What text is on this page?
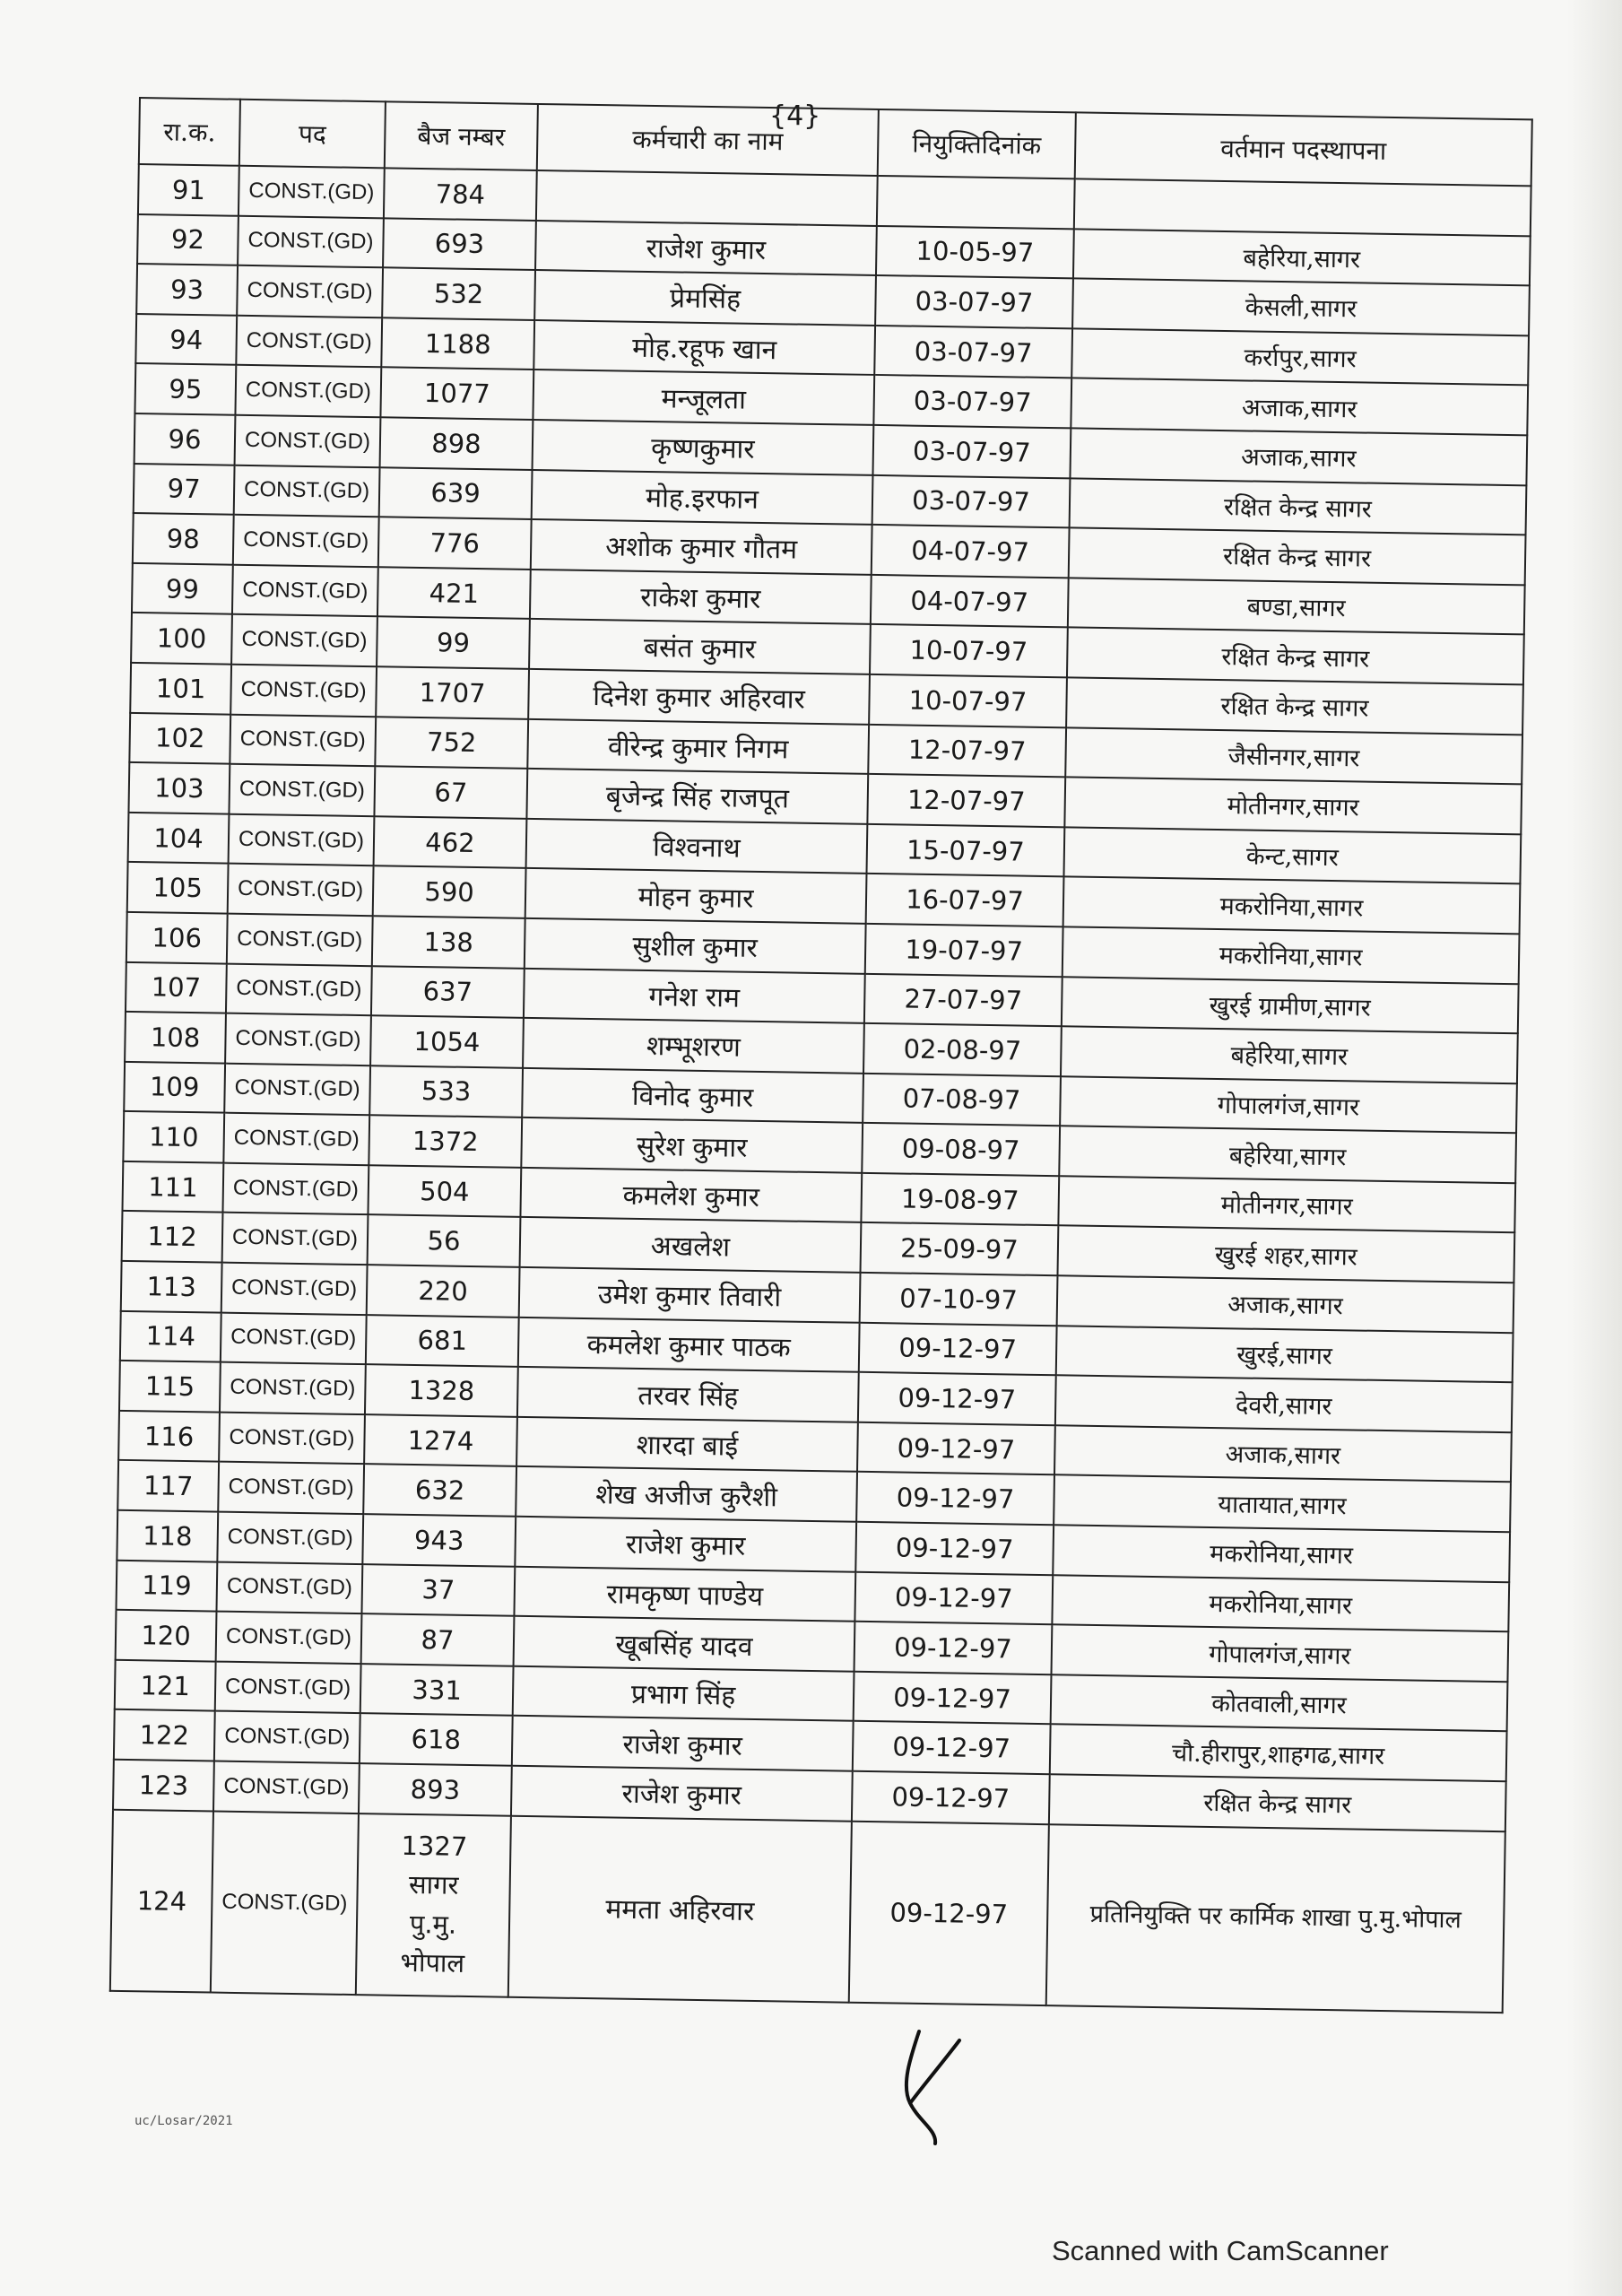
{4}
रा.क.	पद	बैज नम्बर	कर्मचारी का नाम	नियुक्तिदिनांक	वर्तमान पदस्थापना
91	CONST.(GD)	784			
92	CONST.(GD)	693	राजेश कुमार	10-05-97	बहेरिया,सागर
93	CONST.(GD)	532	प्रेमसिंह	03-07-97	केसली,सागर
94	CONST.(GD)	1188	मोह.रहूफ खान	03-07-97	कर्रापुर,सागर
95	CONST.(GD)	1077	मन्जूलता	03-07-97	अजाक,सागर
96	CONST.(GD)	898	कृष्णकुमार	03-07-97	अजाक,सागर
97	CONST.(GD)	639	मोह.इरफान	03-07-97	रक्षित केन्द्र सागर
98	CONST.(GD)	776	अशोक कुमार गौतम	04-07-97	रक्षित केन्द्र सागर
99	CONST.(GD)	421	राकेश कुमार	04-07-97	बण्डा,सागर
100	CONST.(GD)	99	बसंत कुमार	10-07-97	रक्षित केन्द्र सागर
101	CONST.(GD)	1707	दिनेश कुमार अहिरवार	10-07-97	रक्षित केन्द्र सागर
102	CONST.(GD)	752	वीरेन्द्र कुमार निगम	12-07-97	जैसीनगर,सागर
103	CONST.(GD)	67	बृजेन्द्र सिंह राजपूत	12-07-97	मोतीनगर,सागर
104	CONST.(GD)	462	विश्वनाथ	15-07-97	केन्ट,सागर
105	CONST.(GD)	590	मोहन कुमार	16-07-97	मकरोनिया,सागर
106	CONST.(GD)	138	सुशील कुमार	19-07-97	मकरोनिया,सागर
107	CONST.(GD)	637	गनेश राम	27-07-97	खुरई ग्रामीण,सागर
108	CONST.(GD)	1054	शम्भूशरण	02-08-97	बहेरिया,सागर
109	CONST.(GD)	533	विनोद कुमार	07-08-97	गोपालगंज,सागर
110	CONST.(GD)	1372	सुरेश कुमार	09-08-97	बहेरिया,सागर
111	CONST.(GD)	504	कमलेश कुमार	19-08-97	मोतीनगर,सागर
112	CONST.(GD)	56	अखलेश	25-09-97	खुरई शहर,सागर
113	CONST.(GD)	220	उमेश कुमार तिवारी	07-10-97	अजाक,सागर
114	CONST.(GD)	681	कमलेश कुमार पाठक	09-12-97	खुरई,सागर
115	CONST.(GD)	1328	तरवर सिंह	09-12-97	देवरी,सागर
116	CONST.(GD)	1274	शारदा बाई	09-12-97	अजाक,सागर
117	CONST.(GD)	632	शेख अजीज कुरैशी	09-12-97	यातायात,सागर
118	CONST.(GD)	943	राजेश कुमार	09-12-97	मकरोनिया,सागर
119	CONST.(GD)	37	रामकृष्ण पाण्डेय	09-12-97	मकरोनिया,सागर
120	CONST.(GD)	87	खूबसिंह यादव	09-12-97	गोपालगंज,सागर
121	CONST.(GD)	331	प्रभाग सिंह	09-12-97	कोतवाली,सागर
122	CONST.(GD)	618	राजेश कुमार	09-12-97	चौ.हीरापुर,शाहगढ,सागर
123	CONST.(GD)	893	राजेश कुमार	09-12-97	रक्षित केन्द्र सागर
124	CONST.(GD)	1327
सागर
पु.मु.
भोपाल	ममता अहिरवार	09-12-97	प्रतिनियुक्ति पर कार्मिक शाखा पु.मु.भोपाल
uc/Losar/2021
Scanned with CamScanner
